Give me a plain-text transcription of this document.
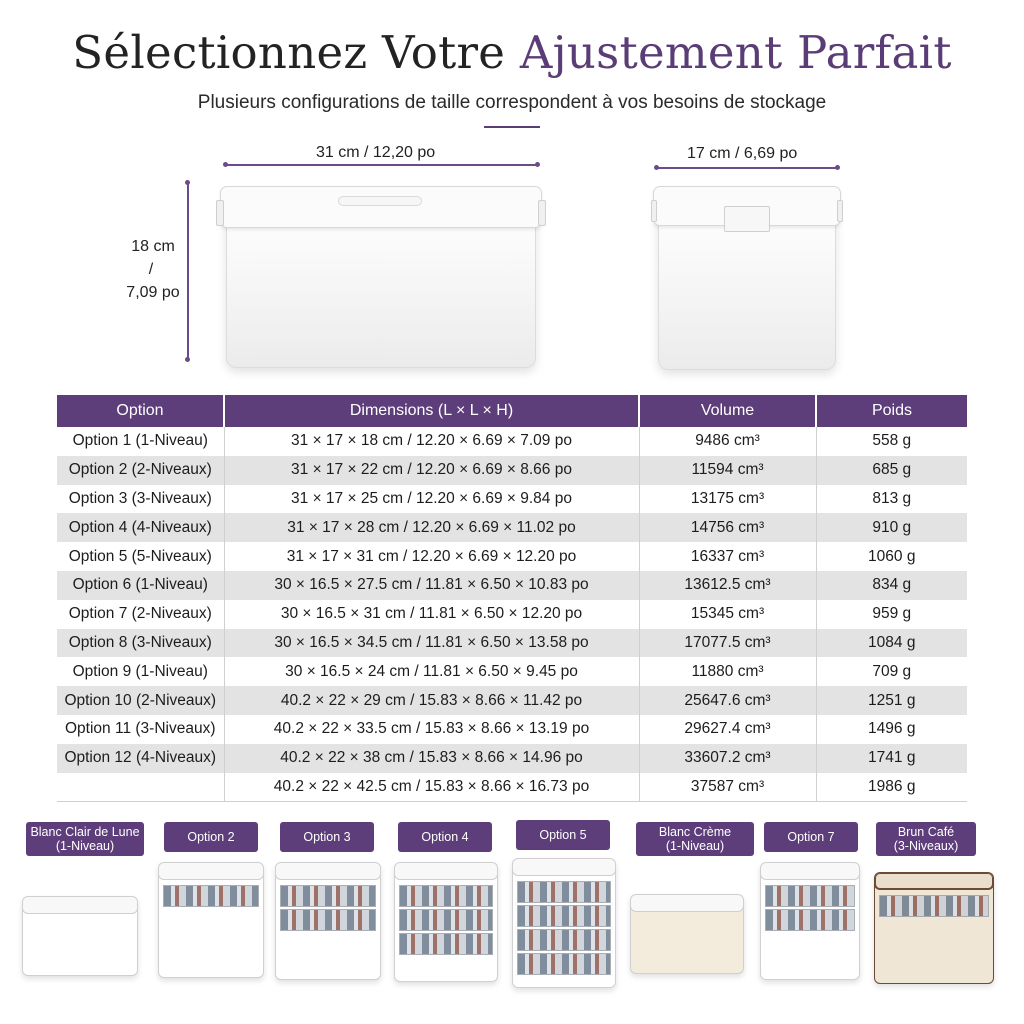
Sélectionnez Votre Ajustement Parfait
Plusieurs configurations de taille correspondent à vos besoins de stockage
31 cm / 12,20 po	17 cm / 6,69 po
18 cm
/
7,09 po
Option	Dimensions (L × L × H)	Volume	Poids
Option 1 (1-Niveau)	31 × 17 × 18 cm / 12.20 × 6.69 × 7.09 po	9486 cm³	558 g
Option 2 (2-Niveaux)	31 × 17 × 22 cm / 12.20 × 6.69 × 8.66 po	11594 cm³	685 g
Option 3 (3-Niveaux)	31 × 17 × 25 cm / 12.20 × 6.69 × 9.84 po	13175 cm³	813 g
Option 4 (4-Niveaux)	31 × 17 × 28 cm / 12.20 × 6.69 × 11.02 po	14756 cm³	910 g
Option 5 (5-Niveaux)	31 × 17 × 31 cm / 12.20 × 6.69 × 12.20 po	16337 cm³	1060 g
Option 6 (1-Niveau)	30 × 16.5 × 27.5 cm / 11.81 × 6.50 × 10.83 po	13612.5 cm³	834 g
Option 7 (2-Niveaux)	30 × 16.5 × 31 cm / 11.81 × 6.50 × 12.20 po	15345 cm³	959 g
Option 8 (3-Niveaux)	30 × 16.5 × 34.5 cm / 11.81 × 6.50 × 13.58 po	17077.5 cm³	1084 g
Option 9 (1-Niveau)	30 × 16.5 × 24 cm / 11.81 × 6.50 × 9.45 po	11880 cm³	709 g
Option 10 (2-Niveaux)	40.2 × 22 × 29 cm / 15.83 × 8.66 × 11.42 po	25647.6 cm³	1251 g
Option 11 (3-Niveaux)	40.2 × 22 × 33.5 cm / 15.83 × 8.66 × 13.19 po	29627.4 cm³	1496 g
Option 12 (4-Niveaux)	40.2 × 22 × 38 cm / 15.83 × 8.66 × 14.96 po	33607.2 cm³	1741 g
	40.2 × 22 × 42.5 cm / 15.83 × 8.66 × 16.73 po	37587 cm³	1986 g
Blanc Clair de Lune
(1-Niveau)
Option 2	Option 3	Option 4	Option 5	Blanc Crème
(1-Niveau)
Option 7	Brun Café
(3-Niveaux)
